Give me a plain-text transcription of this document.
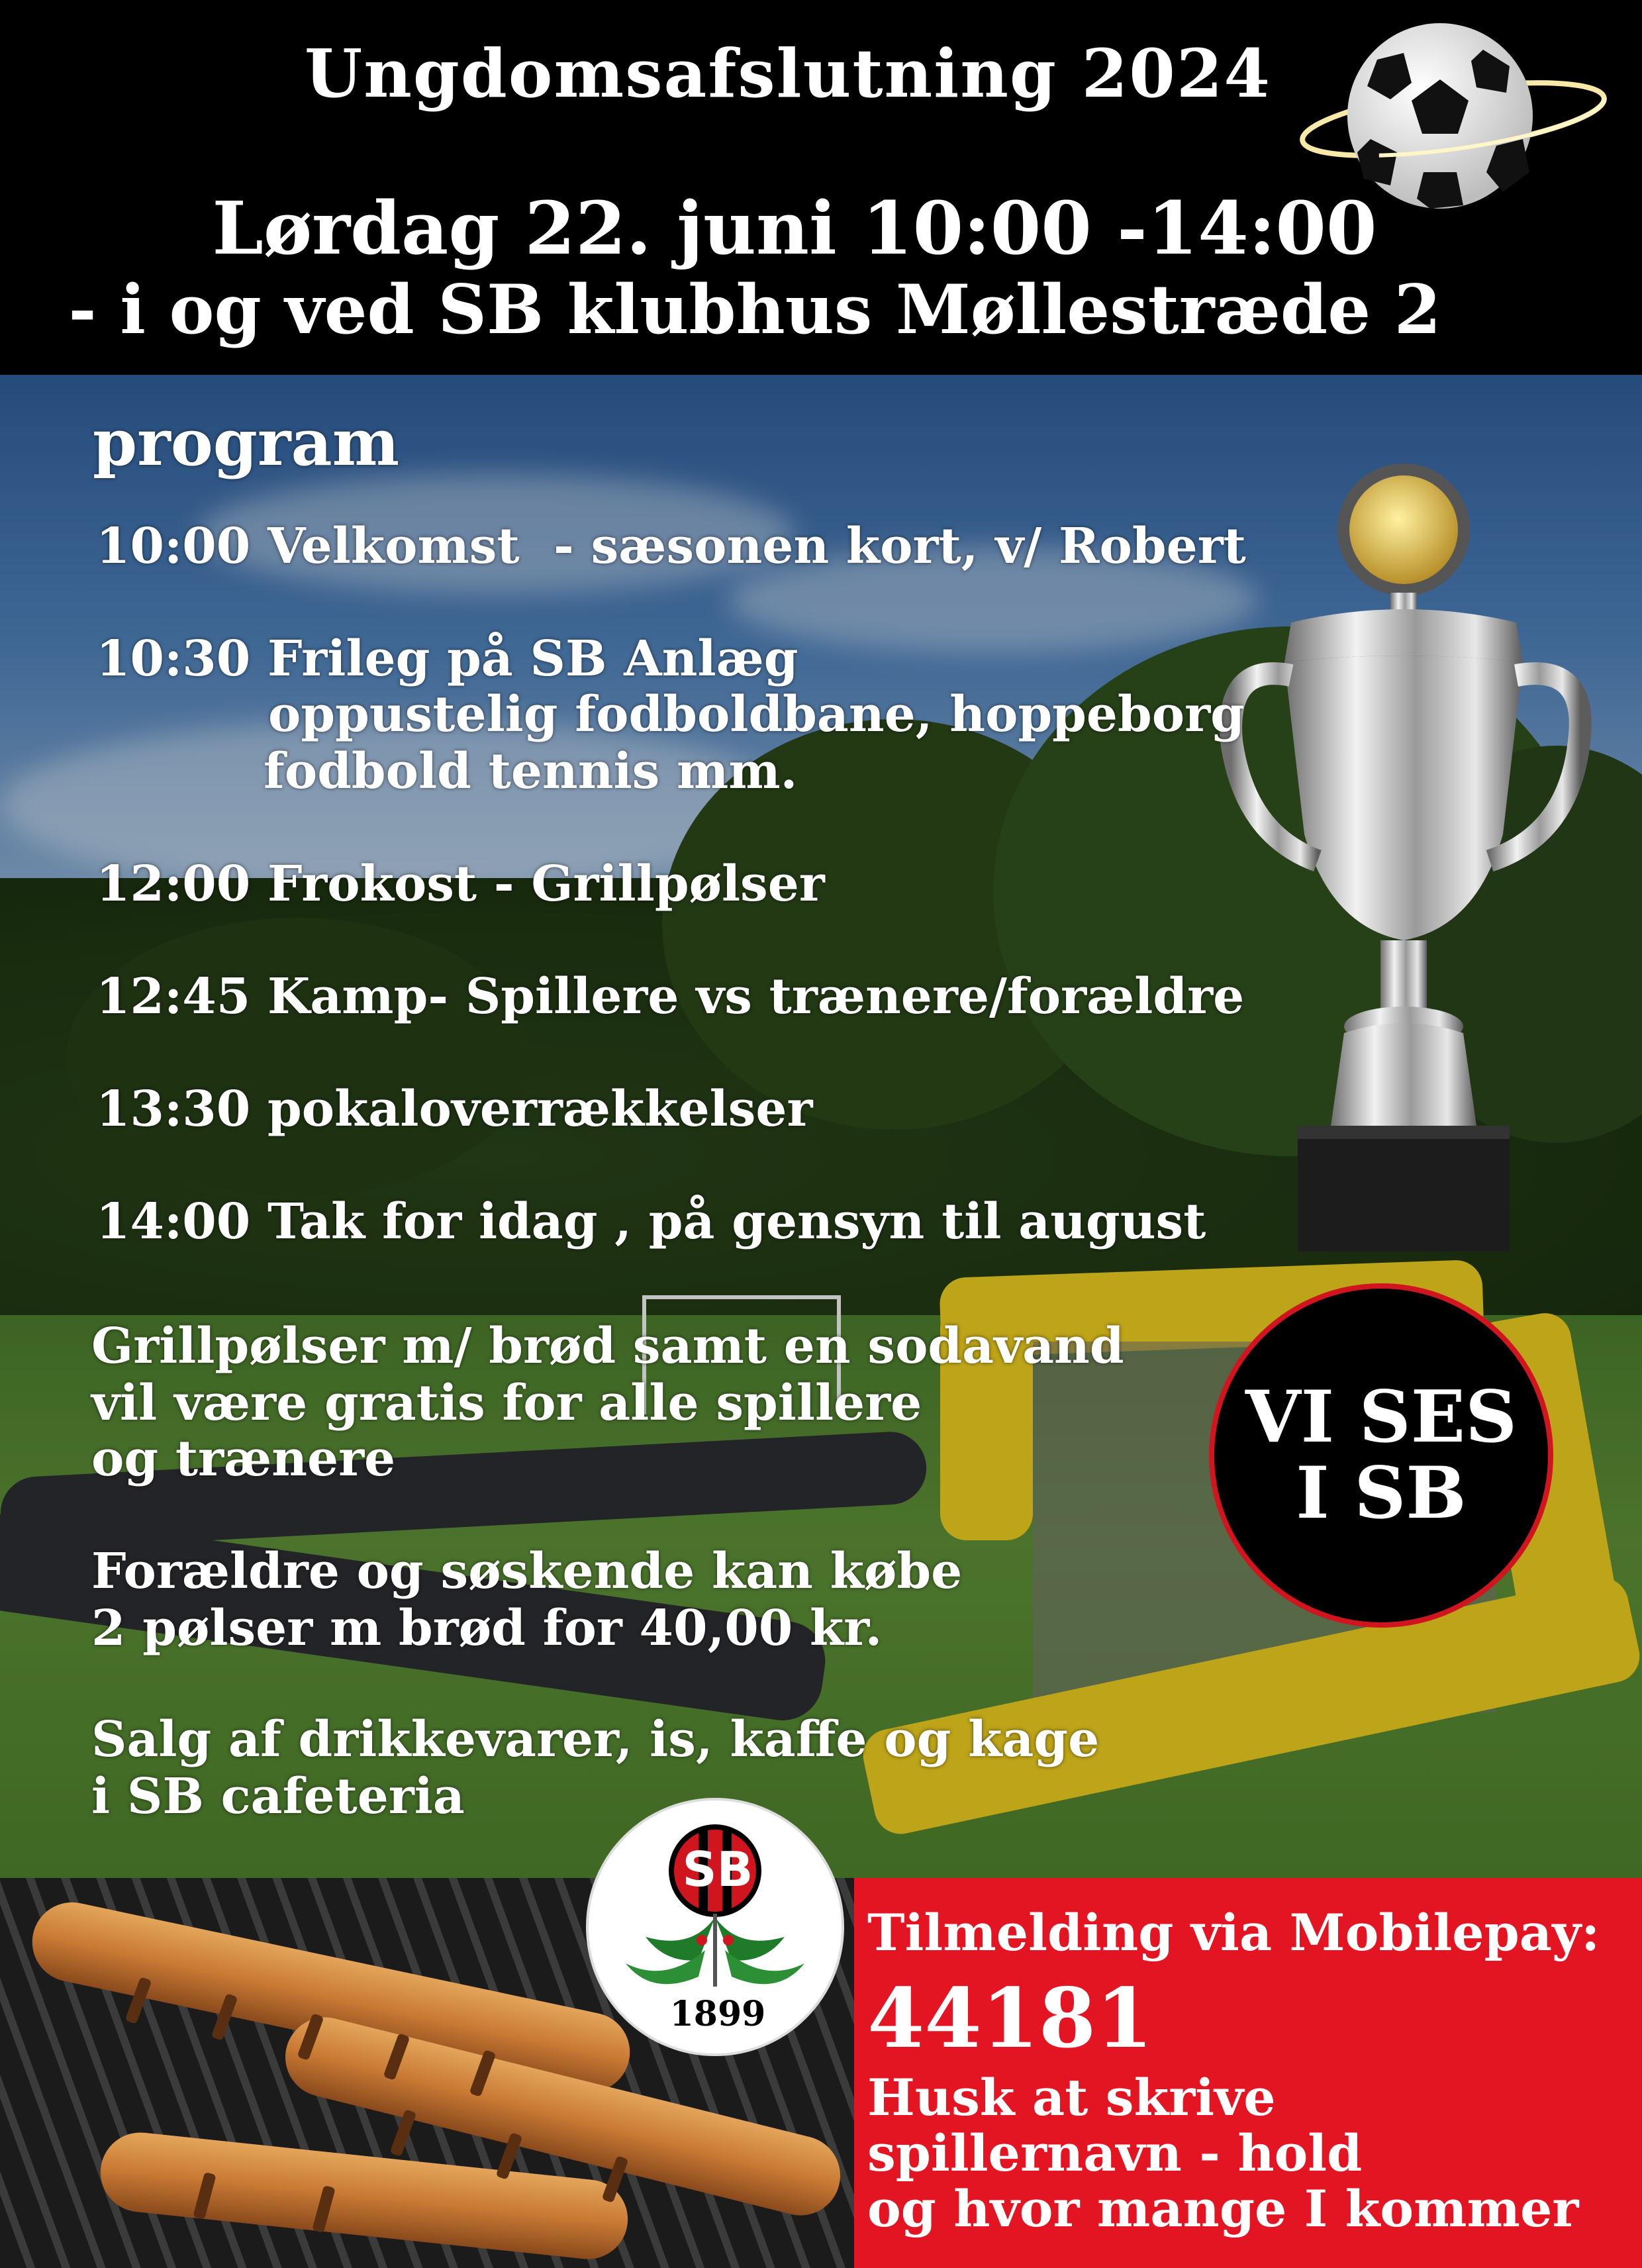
Ungdomsafslutning 2024
Lørdag 22. juni 10:00 -14:00
- i og ved SB klubhus Møllestræde 2
program
10:00 Velkomst  - sæsonen kort, v/ Robert
10:30 Frileg på SB Anlæg
oppustelig fodboldbane, hoppeborg
fodbold tennis mm.
12:00 Frokost - Grillpølser
12:45 Kamp- Spillere vs trænere/forældre
13:30 pokaloverrækkelser
14:00 Tak for idag , på gensyn til august
Grillpølser m/ brød samt en sodavand
vil være gratis for alle spillere
og trænere
Forældre og søskende kan købe
2 pølser m brød for 40,00 kr.
Salg af drikkevarer, is, kaffe og kage
i SB cafeteria
VI SES
I SB
Tilmelding via Mobilepay:
44181
Husk at skrive
spillernavn - hold
og hvor mange I kommer
SB
1899
